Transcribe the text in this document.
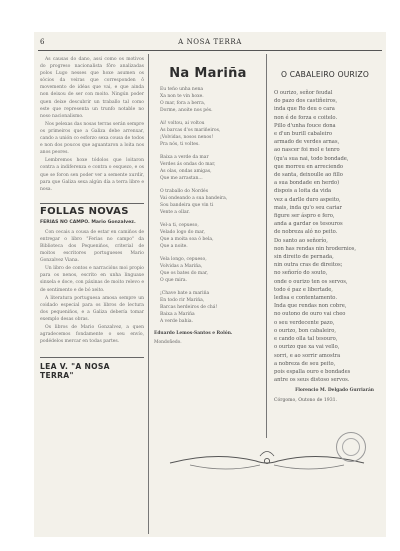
6	A NOSA TERRA

As causas do dano, assi como os motivos do progreso nacionalista fôro analizadas polos Lugo nesses que hoxe asumen os sócios da veiras que corresponden ô movemento de idéas que vai, e que ainda non deixou de ser con moito. Ningún poder quen deixe descubrir un traballo tal como este que representa un trunfo notable no noso nacionalismo.

Nos pelexas das nosas terras serán sempre os primeiros que a Galiza debe arrenxar, cando a unión co esforzo sexa cousa de todos e non dos poucos que aguantaron a loita nos anos peores.

Lembremos hoxe tódolos que loitaron contra a indiferenza e contra o esquezo, e os que se foron sen poder ver a semente xurdir, para que Galiza sexa algún día a terra libre e nosa.

FOLLAS NOVAS
FERIAS NO CAMPO. Mario Gonzalvez.

Con cecais a cousa de estar en camiños de entregar o libro "Ferias no campo" da Biblioteca dos Pequeniños, criterial de moitos escritores portugueses Mario Gonzalvez Viana.

Un libro de contos e narracións moi propio para os nenos, escrito en unha linguaxe sinxela e doce, con páxinas de moito relevo e de sentimento e de bó xeito.

A literatura portuguesa amosa sempre un coidado especial para os libros de lectura dos pequeniños, e a Galiza debería tomar exemplo desas obras.

Os libros de Mario Gonzalvez, a quen agradecemos fondamente o seu envío, podédelos mercar en todas partes.

LEA V. "A NOSA TERRA"
Na Mariña
Eu teño unha nena
Xa non te vin hoxe.
O mar, fora a berra,
Dorme, anoite nos pés.
Ai! voltou, ai voltou
As barcas d'os mariñeiros,
¡Volvidas, nosos nenos!
Pra nós, ti voltes.
Baixa a verde da mar
Verdes ás ondas do mar,
As olas, ondas amigas,
Que me arrastan...
O traballo do Nordés
Vai ondeando a sua bandeira,
Sou bandeira que vin ti
Vente a ollar.
Vel-a ti, cepueso,
Velado logo do mar,
Que a moita soa ó bela,
Que a noite.
Vela longo, cepueso,
Volvidas a Mariña,
Que os bates do mar,
O que mira.
¡Chave bate a mariña
En todo rir Mariña,
Barcas herdeiros de chá!
Baixa a Mariña
A verde bahia.
Eduardo Lemos-Santos e Rolón.
Mondoñedo.
O CABALEIRO OURIZO
O ourizo, señor feudal
do pazo dos castiñeiros,
inda que Ro deu o cara
non é de forza e coitelo.
Pillo d'unha fouce dona
e d'un burill cabaleiro
armado de verdes arnas,
ao nascer foi mol e tenro
(qu'a sua nai, todo bondade,
que morreu en arreciendo
de santa, deixoulle ao fillo
a sua bondade en herdo)
dispois a loita da vida
vez a darlle duro aspeito,
mais, inda qu'o seu cariar
figure ser áspro e fero,
anda a gardar os tesouros
de nobreza aló no peito.
Do santo ao señorío,
non has rendas nin hrodernios,
sin direito de pernada,
nin outra cras de direitos;
no señorío do souto,
onde o ourizo ten os servos,
todo é paz e libertade,
ledisa e contentamento.
Inda que rendas non cobre,
no outono de ouro vai cheo
o seu verdecente pazo,
o ourizo, bon cabaleiro,
e cando olla tal tesouro,
o ourizo que xa vai vello,
sorri, e ao sorrir amostra
a nobreza de seu peito,
pois espalla ouro e bondades
antre os seus distoso servos.
Florencio M. Delgado Gurriarán
Córgomo, Outono de 1931.
